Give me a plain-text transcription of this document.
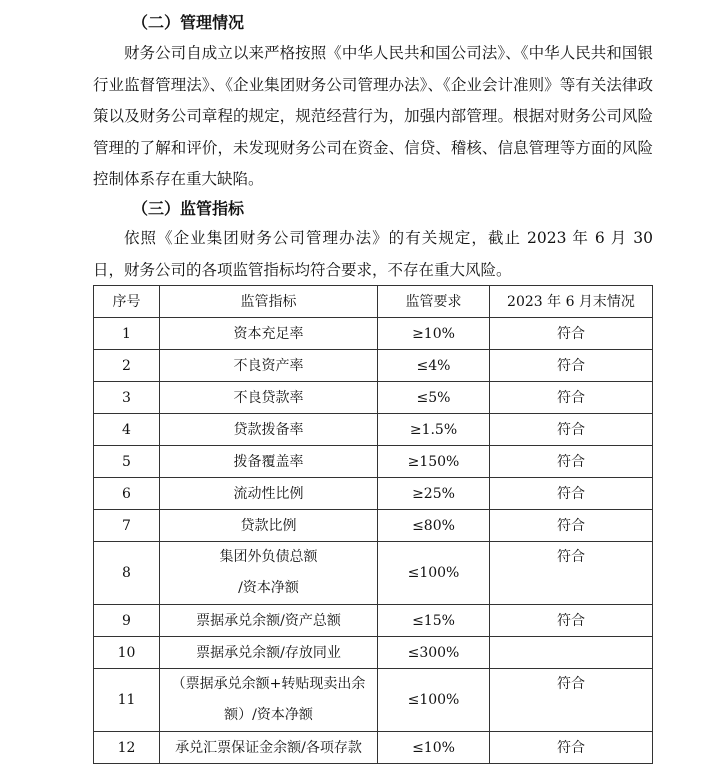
（二）管理情况
财务公司自成立以来严格按照《中华人民共和国公司法》、《中华人民共和国银行业监督管理法》、《企业集团财务公司管理办法》、《企业会计准则》等有关法律政策以及财务公司章程的规定，规范经营行为，加强内部管理。根据对财务公司风险管理的了解和评价，未发现财务公司在资金、信贷、稽核、信息管理等方面的风险控制体系存在重大缺陷。
（三）监管指标
依照《企业集团财务公司管理办法》的有关规定，截止 2023 年 6 月 30 日，财务公司的各项监管指标均符合要求，不存在重大风险。
序号	监管指标	监管要求	2023 年 6 月末情况
1	资本充足率	≥10%	符合
2	不良资产率	≤4%	符合
3	不良贷款率	≤5%	符合
4	贷款拨备率	≥1.5%	符合
5	拨备覆盖率	≥150%	符合
6	流动性比例	≥25%	符合
7	贷款比例	≤80%	符合
8	集团外负债总额
/资本净额	≤100%	符合
9	票据承兑余额/资产总额	≤15%	符合
10	票据承兑余额/存放同业	≤300%	
11	（票据承兑余额+转贴现卖出余
额）/资本净额	≤100%	符合
12	承兑汇票保证金余额/各项存款	≤10%	符合
